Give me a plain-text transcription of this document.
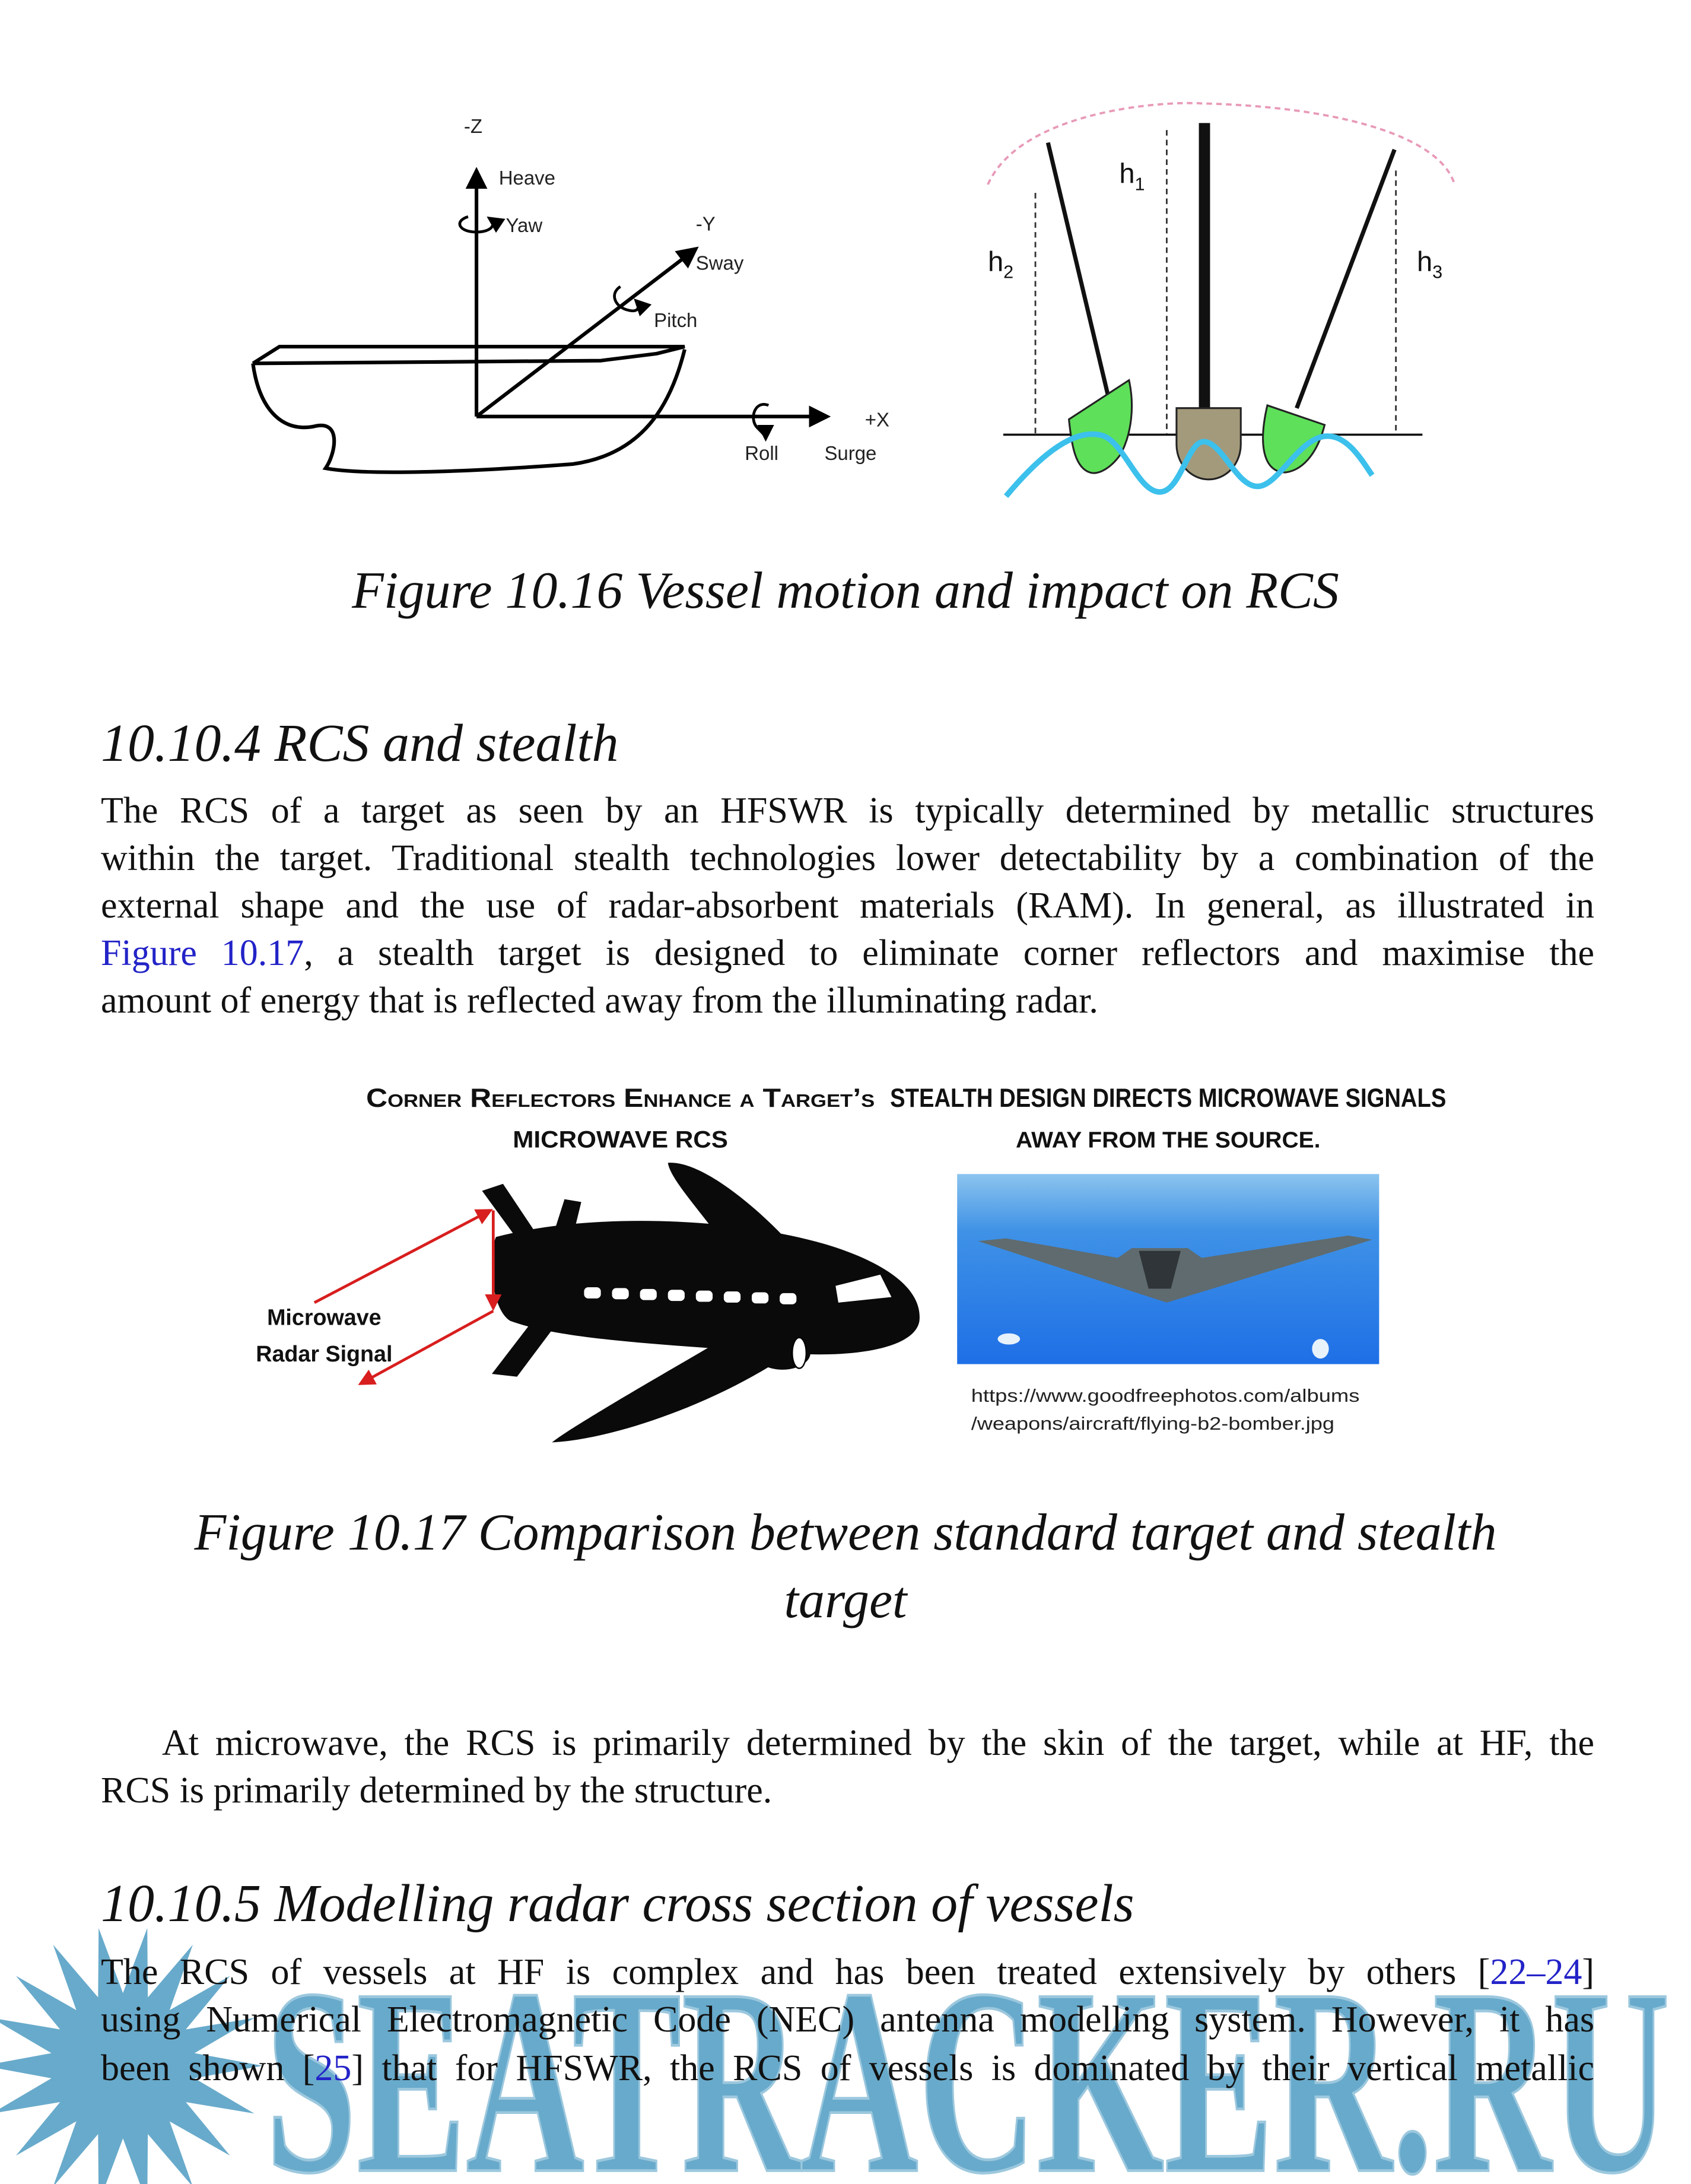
SEATRACKER.RU
-Z
Heave
Yaw	-Y
Sway
Pitch
+X
Roll	Surge
$h_1$
$h_2$	$h_3$
Corner Reflectors Enhance a Target’s
MICROWAVE RCS
STEALTH DESIGN DIRECTS MICROWAVE SIGNALS
AWAY FROM THE SOURCE.
Microwave
Radar Signal
https://www.goodfreephotos.com/albums
/weapons/aircraft/flying-b2-bomber.jpg
Figure 10.16 Vessel motion and impact on RCS
10.10.4 RCS and stealth
The RCS of a target as seen by an HFSWR is typically determined by metallic structures
within the target. Traditional stealth technologies lower detectability by a combination of the
external shape and the use of radar-absorbent materials (RAM). In general, as illustrated in
Figure 10.17, a stealth target is designed to eliminate corner reflectors and maximise the
amount of energy that is reflected away from the illuminating radar.
Figure 10.17 Comparison between standard target and stealth
target
At microwave, the RCS is primarily determined by the skin of the target, while at HF, the
RCS is primarily determined by the structure.
10.10.5 Modelling radar cross section of vessels
The RCS of vessels at HF is complex and has been treated extensively by others [22–24]
using Numerical Electromagnetic Code (NEC) antenna modelling system. However, it has
been shown [25] that for HFSWR, the RCS of vessels is dominated by their vertical metallic
